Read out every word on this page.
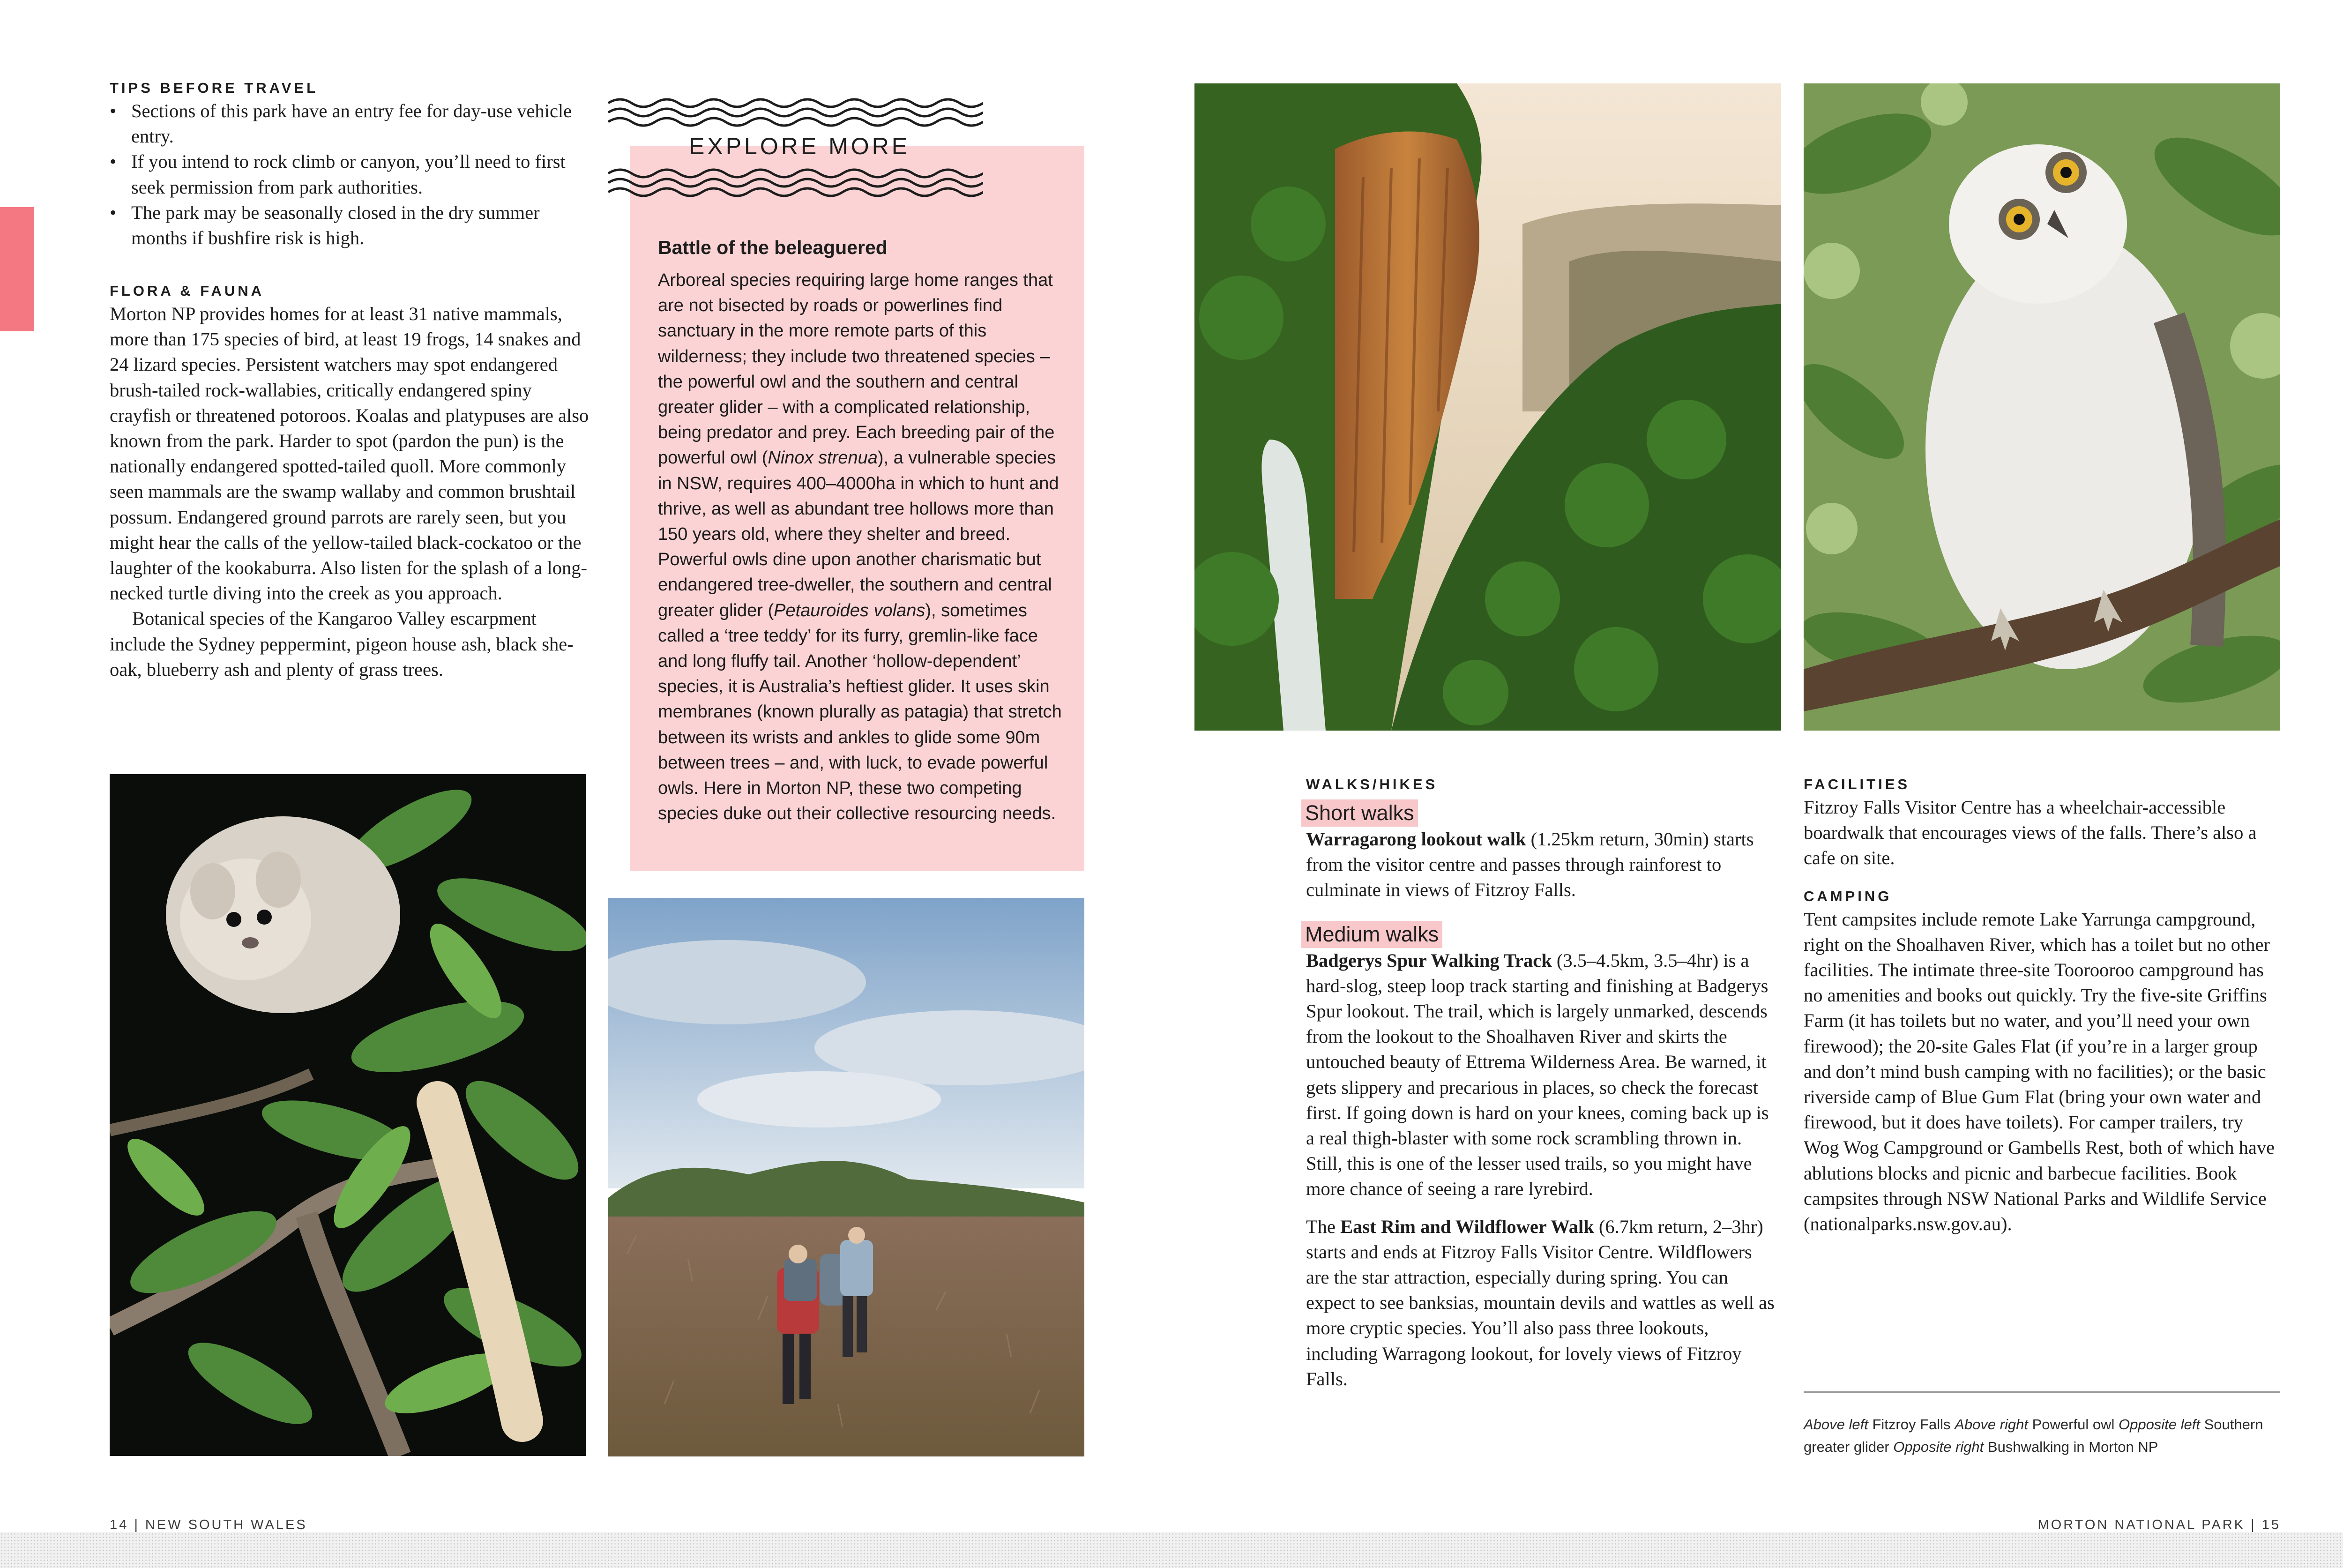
TIPS BEFORE TRAVEL
• Sections of this park have an entry fee for day-use vehicle entry.
• If you intend to rock climb or canyon, you’ll need to first seek permission from park authorities.
• The park may be seasonally closed in the dry summer months if bushfire risk is high.
FLORA & FAUNA

Morton NP provides homes for at least 31 native mammals, more than 175 species of bird, at least 19 frogs, 14 snakes and 24 lizard species. Persistent watchers may spot endangered brush-tailed rock-wallabies, critically endangered spiny crayfish or threatened potoroos. Koalas and platypuses are also known from the park. Harder to spot (pardon the pun) is the nationally endangered spotted-tailed quoll. More commonly seen mammals are the swamp wallaby and common brushtail possum. Endangered ground parrots are rarely seen, but you might hear the calls of the yellow-tailed black-cockatoo or the laughter of the kookaburra. Also listen for the splash of a long-necked turtle diving into the creek as you approach.

Botanical species of the Kangaroo Valley escarpment include the Sydney peppermint, pigeon house ash, black she-oak, blueberry ash and plenty of grass trees.

EXPLORE MORE
Battle of the beleaguered
Arboreal species requiring large home ranges that are not bisected by roads or powerlines find sanctuary in the more remote parts of this wilderness; they include two threatened species – the powerful owl and the southern and central greater glider – with a complicated relationship, being predator and prey. Each breeding pair of the powerful owl (Ninox strenua), a vulnerable species in NSW, requires 400–4000ha in which to hunt and thrive, as well as abundant tree hollows more than 150 years old, where they shelter and breed. Powerful owls dine upon another charismatic but endangered tree-dweller, the southern and central greater glider (Petauroides volans), sometimes called a ‘tree teddy’ for its furry, gremlin-like face and long fluffy tail. Another ‘hollow-dependent’ species, it is Australia’s heftiest glider. It uses skin membranes (known plurally as patagia) that stretch between its wrists and ankles to glide some 90m between trees – and, with luck, to evade powerful owls. Here in Morton NP, these two competing species duke out their collective resourcing needs.
14 | NEW SOUTH WALES
WALKS/HIKES
Short walks
Warragarong lookout walk (1.25km return, 30min) starts from the visitor centre and passes through rainforest to culminate in views of Fitzroy Falls.
Medium walks
Badgerys Spur Walking Track (3.5–4.5km, 3.5–4hr) is a hard-slog, steep loop track starting and finishing at Badgerys Spur lookout. The trail, which is largely unmarked, descends from the lookout to the Shoalhaven River and skirts the untouched beauty of Ettrema Wilderness Area. Be warned, it gets slippery and precarious in places, so check the forecast first. If going down is hard on your knees, coming back up is a real thigh-blaster with some rock scrambling thrown in. Still, this is one of the lesser used trails, so you might have more chance of seeing a rare lyrebird.
The East Rim and Wildflower Walk (6.7km return, 2–3hr) starts and ends at Fitzroy Falls Visitor Centre. Wildflowers are the star attraction, especially during spring. You can expect to see banksias, mountain devils and wattles as well as more cryptic species. You’ll also pass three lookouts, including Warragong lookout, for lovely views of Fitzroy Falls.
FACILITIES
Fitzroy Falls Visitor Centre has a wheelchair-accessible boardwalk that encourages views of the falls. There’s also a cafe on site.
CAMPING
Tent campsites include remote Lake Yarrunga campground, right on the Shoalhaven River, which has a toilet but no other facilities. The intimate three-site Toorooroo campground has no amenities and books out quickly. Try the five-site Griffins Farm (it has toilets but no water, and you’ll need your own firewood); the 20-site Gales Flat (if you’re in a larger group and don’t mind bush camping with no facilities); or the basic riverside camp of Blue Gum Flat (bring your own water and firewood, but it does have toilets). For camper trailers, try Wog Wog Campground or Gambells Rest, both of which have ablutions blocks and picnic and barbecue facilities. Book campsites through NSW National Parks and Wildlife Service (nationalparks.nsw.gov.au).
Above left Fitzroy Falls Above right Powerful owl Opposite left Southern greater glider Opposite right Bushwalking in Morton NP
MORTON NATIONAL PARK | 15
